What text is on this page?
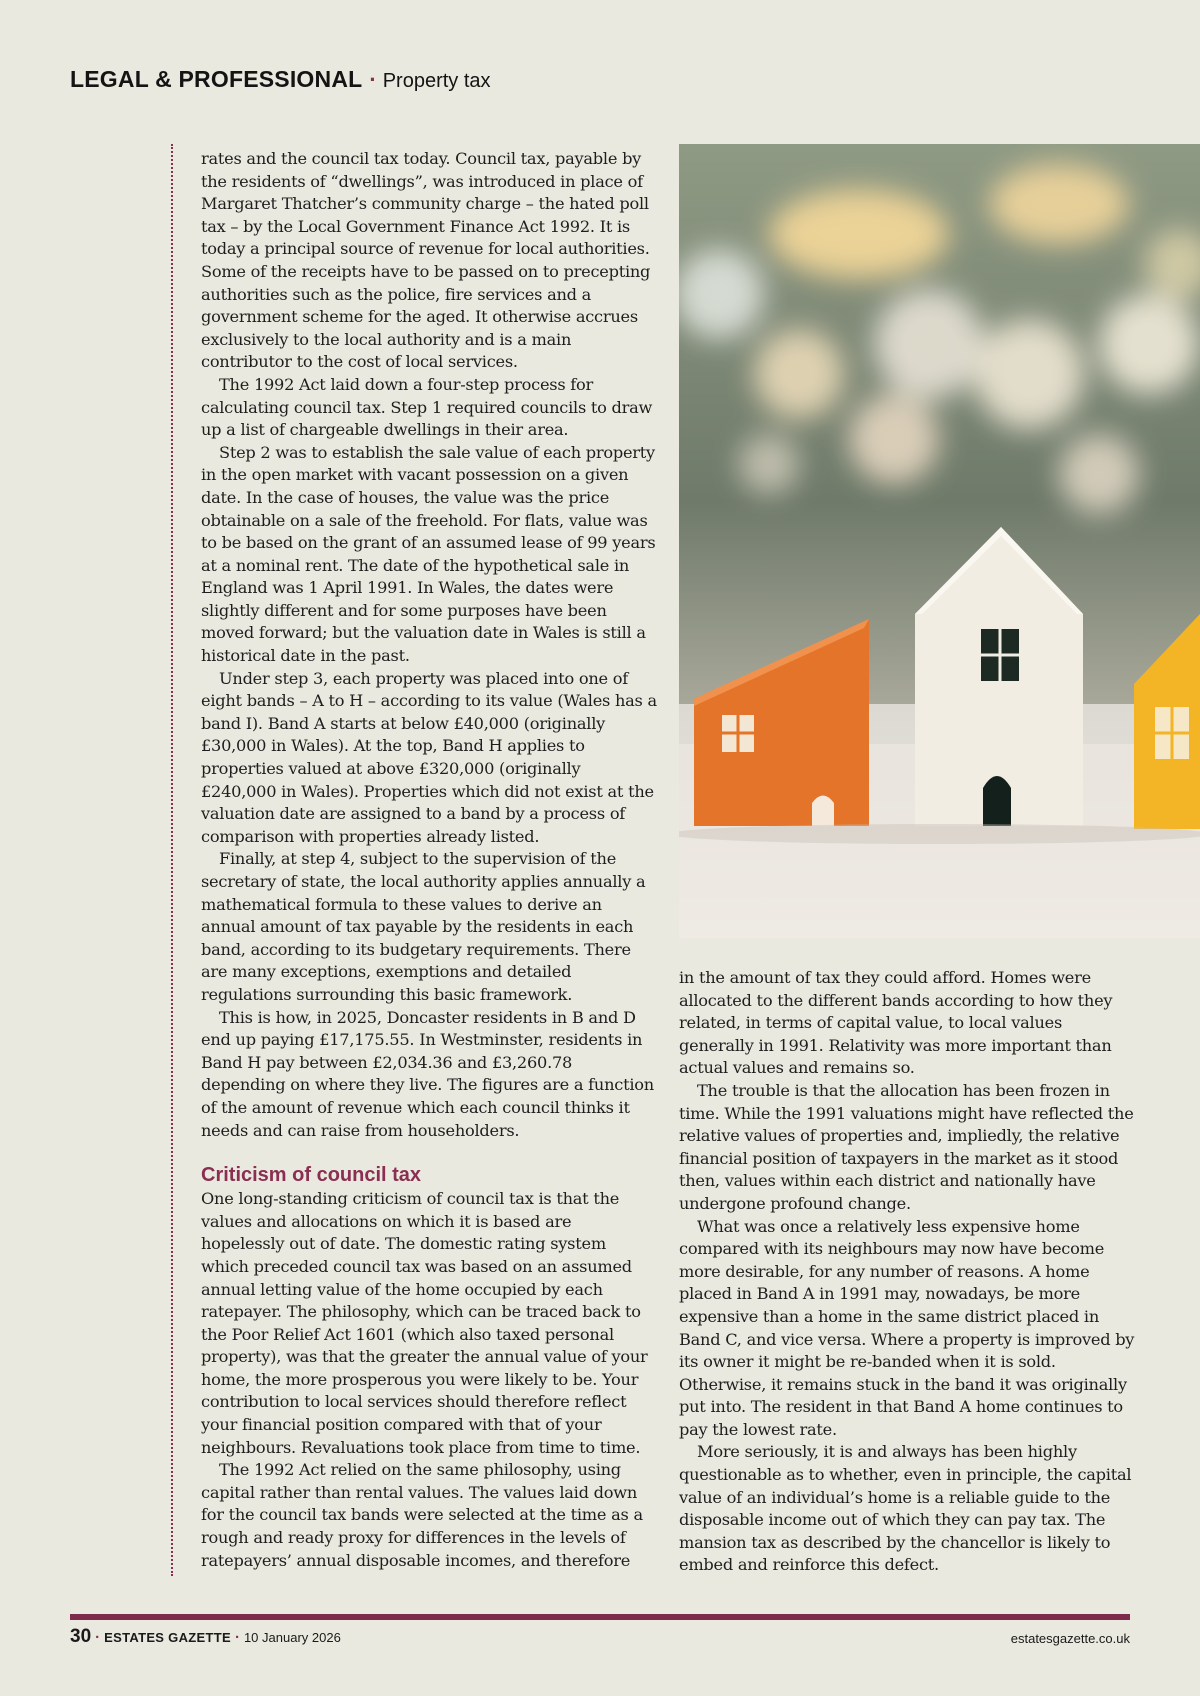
LEGAL & PROFESSIONAL · Property tax

rates and the council tax today. Council tax, payable by the residents of “dwellings”, was introduced in place of Margaret Thatcher’s community charge – the hated poll tax – by the Local Government Finance Act 1992. It is today a principal source of revenue for local authorities. Some of the receipts have to be passed on to precepting authorities such as the police, fire services and a government scheme for the aged. It otherwise accrues exclusively to the local authority and is a main contributor to the cost of local services.

The 1992 Act laid down a four-step process for calculating council tax. Step 1 required councils to draw up a list of chargeable dwellings in their area.

Step 2 was to establish the sale value of each property in the open market with vacant possession on a given date. In the case of houses, the value was the price obtainable on a sale of the freehold. For flats, value was to be based on the grant of an assumed lease of 99 years at a nominal rent. The date of the hypothetical sale in England was 1 April 1991. In Wales, the dates were slightly different and for some purposes have been moved forward; but the valuation date in Wales is still a historical date in the past.

Under step 3, each property was placed into one of eight bands – A to H – according to its value (Wales has a band I). Band A starts at below £40,000 (originally £30,000 in Wales). At the top, Band H applies to properties valued at above £320,000 (originally £240,000 in Wales). Properties which did not exist at the valuation date are assigned to a band by a process of comparison with properties already listed.

Finally, at step 4, subject to the supervision of the secretary of state, the local authority applies annually a mathematical formula to these values to derive an annual amount of tax payable by the residents in each band, according to its budgetary requirements. There are many exceptions, exemptions and detailed regulations surrounding this basic framework.

This is how, in 2025, Doncaster residents in B and D end up paying £17,175.55. In Westminster, residents in Band H pay between £2,034.36 and £3,260.78 depending on where they live. The figures are a function of the amount of revenue which each council thinks it needs and can raise from householders.

Criticism of council tax

One long-standing criticism of council tax is that the values and allocations on which it is based are hopelessly out of date. The domestic rating system which preceded council tax was based on an assumed annual letting value of the home occupied by each ratepayer. The philosophy, which can be traced back to the Poor Relief Act 1601 (which also taxed personal property), was that the greater the annual value of your home, the more prosperous you were likely to be. Your contribution to local services should therefore reflect your financial position compared with that of your neighbours. Revaluations took place from time to time.

The 1992 Act relied on the same philosophy, using capital rather than rental values. The values laid down for the council tax bands were selected at the time as a rough and ready proxy for differences in the levels of ratepayers’ annual disposable incomes, and therefore

in the amount of tax they could afford. Homes were allocated to the different bands according to how they related, in terms of capital value, to local values generally in 1991. Relativity was more important than actual values and remains so.

The trouble is that the allocation has been frozen in time. While the 1991 valuations might have reflected the relative values of properties and, impliedly, the relative financial position of taxpayers in the market as it stood then, values within each district and nationally have undergone profound change.

What was once a relatively less expensive home compared with its neighbours may now have become more desirable, for any number of reasons. A home placed in Band A in 1991 may, nowadays, be more expensive than a home in the same district placed in Band C, and vice versa. Where a property is improved by its owner it might be re-banded when it is sold. Otherwise, it remains stuck in the band it was originally put into. The resident in that Band A home continues to pay the lowest rate.

More seriously, it is and always has been highly questionable as to whether, even in principle, the capital value of an individual’s home is a reliable guide to the disposable income out of which they can pay tax. The mansion tax as described by the chancellor is likely to embed and reinforce this defect.

30 · ESTATES GAZETTE · 10 January 2026	estatesgazette.co.uk
